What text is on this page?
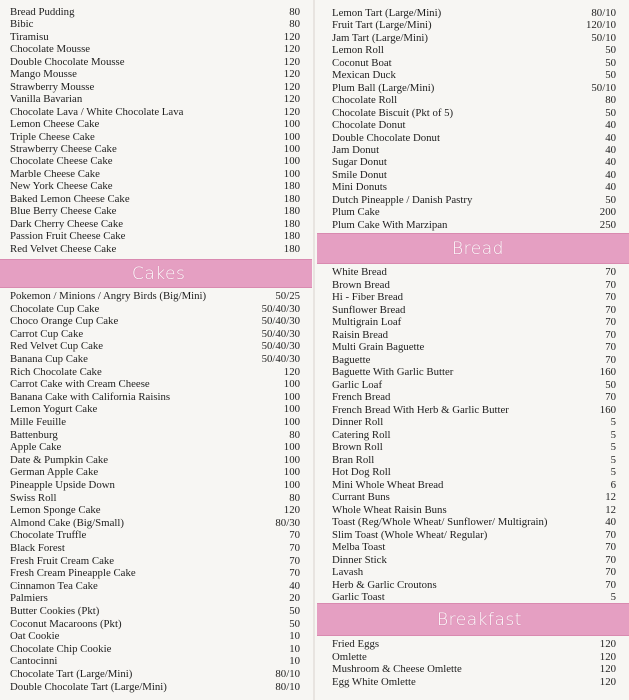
Bread Pudding	80
Bibic	80
Tiramisu	120
Chocolate Mousse	120
Double Chocolate Mousse	120
Mango Mousse	120
Strawberry Mousse	120
Vanilla Bavarian	120
Chocolate Lava / White Chocolate Lava	120
Lemon Cheese Cake	100
Triple Cheese Cake	100
Strawberry Cheese Cake	100
Chocolate Cheese Cake	100
Marble Cheese Cake	100
New York Cheese Cake	180
Baked Lemon Cheese Cake	180
Blue Berry Cheese Cake	180
Dark Cherry Cheese Cake	180
Passion Fruit Cheese Cake	180
Red Velvet Cheese Cake	180
Cakes
Pokemon / Minions / Angry Birds (Big/Mini)	50/25
Chocolate Cup Cake	50/40/30
Choco Orange Cup Cake	50/40/30
Carrot Cup Cake	50/40/30
Red Velvet Cup Cake	50/40/30
Banana Cup Cake	50/40/30
Rich Chocolate Cake	120
Carrot Cake with Cream Cheese	100
Banana Cake with California Raisins	100
Lemon Yogurt Cake	100
Mille Feuille	100
Battenburg	80
Apple Cake	100
Date & Pumpkin Cake	100
German Apple Cake	100
Pineapple Upside Down	100
Swiss Roll	80
Lemon Sponge Cake	120
Almond Cake (Big/Small)	80/30
Chocolate Truffle	70
Black Forest	70
Fresh Fruit Cream Cake	70
Fresh Cream Pineapple Cake	70
Cinnamon Tea Cake	40
Palmiers	20
Butter Cookies (Pkt)	50
Coconut Macaroons (Pkt)	50
Oat Cookie	10
Chocolate Chip Cookie	10
Cantocinni	10
Chocolate Tart (Large/Mini)	80/10
Double Chocolate Tart (Large/Mini)	80/10
Lemon Tart (Large/Mini)	80/10
Fruit Tart (Large/Mini)	120/10
Jam Tart (Large/Mini)	50/10
Lemon Roll	50
Coconut Boat	50
Mexican Duck	50
Plum Ball (Large/Mini)	50/10
Chocolate Roll	80
Chocolate Biscuit (Pkt of 5)	50
Chocolate Donut	40
Double Chocolate Donut	40
Jam Donut	40
Sugar Donut	40
Smile Donut	40
Mini Donuts	40
Dutch Pineapple / Danish Pastry	50
Plum Cake	200
Plum Cake With Marzipan	250
Bread
White Bread	70
Brown Bread	70
Hi - Fiber Bread	70
Sunflower Bread	70
Multigrain Loaf	70
Raisin Bread	70
Multi Grain Baguette	70
Baguette	70
Baguette With Garlic Butter	160
Garlic Loaf	50
French Bread	70
French Bread With Herb & Garlic Butter	160
Dinner Roll	5
Catering Roll	5
Brown Roll	5
Bran Roll	5
Hot Dog Roll	5
Mini Whole Wheat Bread	6
Currant Buns	12
Whole Wheat Raisin Buns	12
Toast (Reg/Whole Wheat/ Sunflower/ Multigrain)	40
Slim Toast (Whole Wheat/ Regular)	70
Melba Toast	70
Dinner Stick	70
Lavash	70
Herb & Garlic Croutons	70
Garlic Toast	5
Breakfast
Fried Eggs	120
Omlette	120
Mushroom & Cheese Omlette	120
Egg White Omlette	120
